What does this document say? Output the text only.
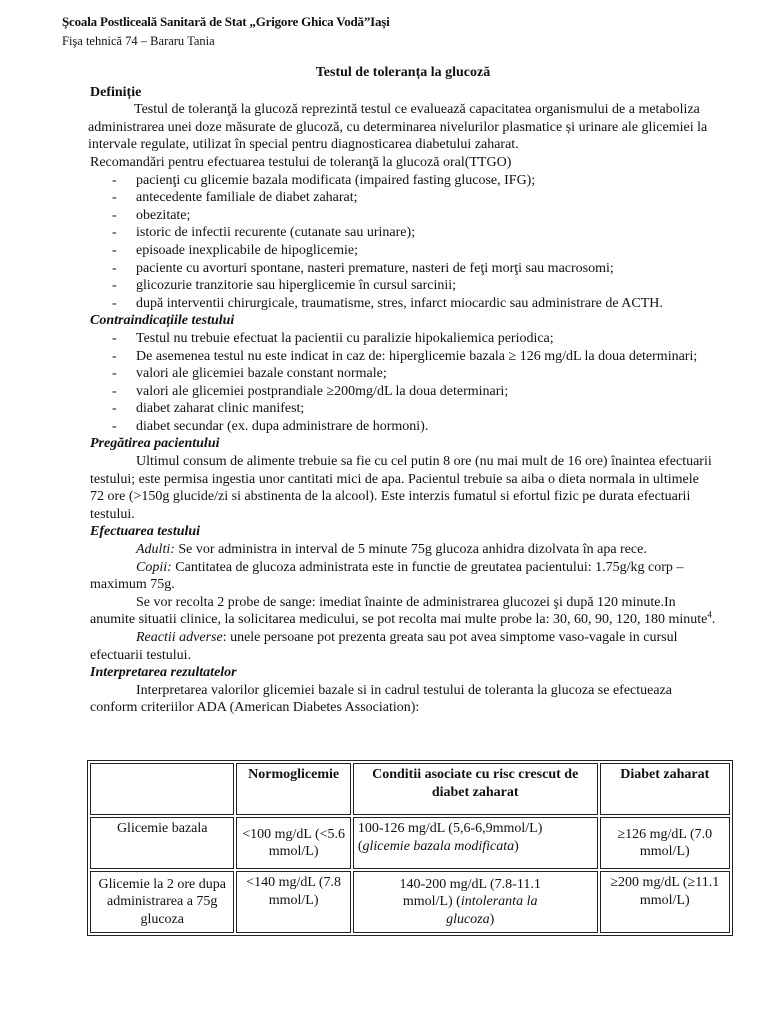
Şcoala Postliceală Sanitară de Stat „Grigore Ghica Vodă”Iaşi
Fişa tehnică 74 – Bararu Tania

Testul de toleranța la glucoză

Definiție

Testul de toleranţă la glucoză reprezintă testul ce evaluează capacitatea organismului de a metaboliza administrarea unei doze măsurate de glucoză, cu determinarea nivelurilor plasmatice și urinare ale glicemiei la intervale regulate, utilizat în special pentru diagnosticarea diabetului zaharat.

Recomandări pentru efectuarea testului de toleranţă la glucoză oral(TTGO)

- pacienţi cu glicemie bazala modificata (impaired fasting glucose, IFG);
- antecedente familiale de diabet zaharat;
- obezitate;
- istoric de infectii recurente (cutanate sau urinare);
- episoade inexplicabile de hipoglicemie;
- paciente cu avorturi spontane, nasteri premature, nasteri de feţi morţi sau macrosomi;
- glicozurie tranzitorie sau hiperglicemie în cursul sarcinii;
- după interventii chirurgicale, traumatisme, stres, infarct miocardic sau administrare de ACTH.

Contraindicațiile testului

- Testul nu trebuie efectuat la pacientii cu paralizie hipokaliemica periodica;
- De asemenea testul nu este indicat in caz de: hiperglicemie bazala ≥ 126 mg/dL la doua determinari;
- valori ale glicemiei bazale constant normale;
- valori ale glicemiei postprandiale ≥200mg/dL la doua determinari;
- diabet zaharat clinic manifest;
- diabet secundar (ex. dupa administrare de hormoni).

Pregătirea pacientului

Ultimul consum de alimente trebuie sa fie cu cel putin 8 ore (nu mai mult de 16 ore) înaintea efectuarii testului; este permisa ingestia unor cantitati mici de apa. Pacientul trebuie sa aiba o dieta normala in ultimele 72 ore (>150g glucide/zi si abstinenta de la alcool). Este interzis fumatul si efortul fizic pe durata efectuarii testului.

Efectuarea testului

Adulti: Se vor administra in interval de 5 minute 75g glucoza anhidra dizolvata în apa rece.

Copii: Cantitatea de glucoza administrata este in functie de greutatea pacientului: 1.75g/kg corp – maximum 75g.

Se vor recolta 2 probe de sange: imediat înainte de administrarea glucozei şi după 120 minute.In anumite situatii clinice, la solicitarea medicului, se pot recolta mai multe probe la: 30, 60, 90, 120, 180 minute$^4$.

Reactii adverse: unele persoane pot prezenta greata sau pot avea simptome vaso-vagale in cursul efectuarii testului.

Interpretarea rezultatelor

Interpretarea valorilor glicemiei bazale si in cadrul testului de toleranta la glucoza se efectueaza conform criteriilor ADA (American Diabetes Association):

	Normoglicemie	Conditii asociate cu risc crescut de diabet zaharat	Diabet zaharat
Glicemie bazala	<100 mg/dL (<5.6 mmol/L)	100-126 mg/dL (5,6-6,9mmol/L) (glicemie bazala modificata)	≥126 mg/dL (7.0 mmol/L)
Glicemie la 2 ore dupa administrarea a 75g glucoza	<140 mg/dL (7.8 mmol/L)	140-200 mg/dL (7.8-11.1 mmol/L) (intoleranta la glucoza)	≥200 mg/dL (≥11.1 mmol/L)
